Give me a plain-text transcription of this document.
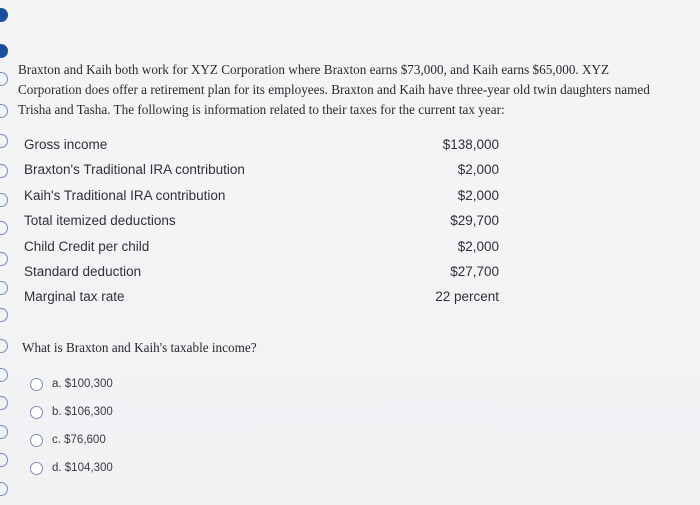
Braxton and Kaih both work for XYZ Corporation where Braxton earns $73,000, and Kaih earns $65,000. XYZ Corporation does offer a retirement plan for its employees. Braxton and Kaih have three-year old twin daughters named Trisha and Tasha. The following is information related to their taxes for the current tax year:

Gross income	$138,000
Braxton's Traditional IRA contribution	$2,000
Kaih's Traditional IRA contribution	$2,000
Total itemized deductions	$29,700
Child Credit per child	$2,000
Standard deduction	$27,700
Marginal tax rate	22 percent
What is Braxton and Kaih's taxable income?
a. $100,300
b. $106,300
c. $76,600
d. $104,300
